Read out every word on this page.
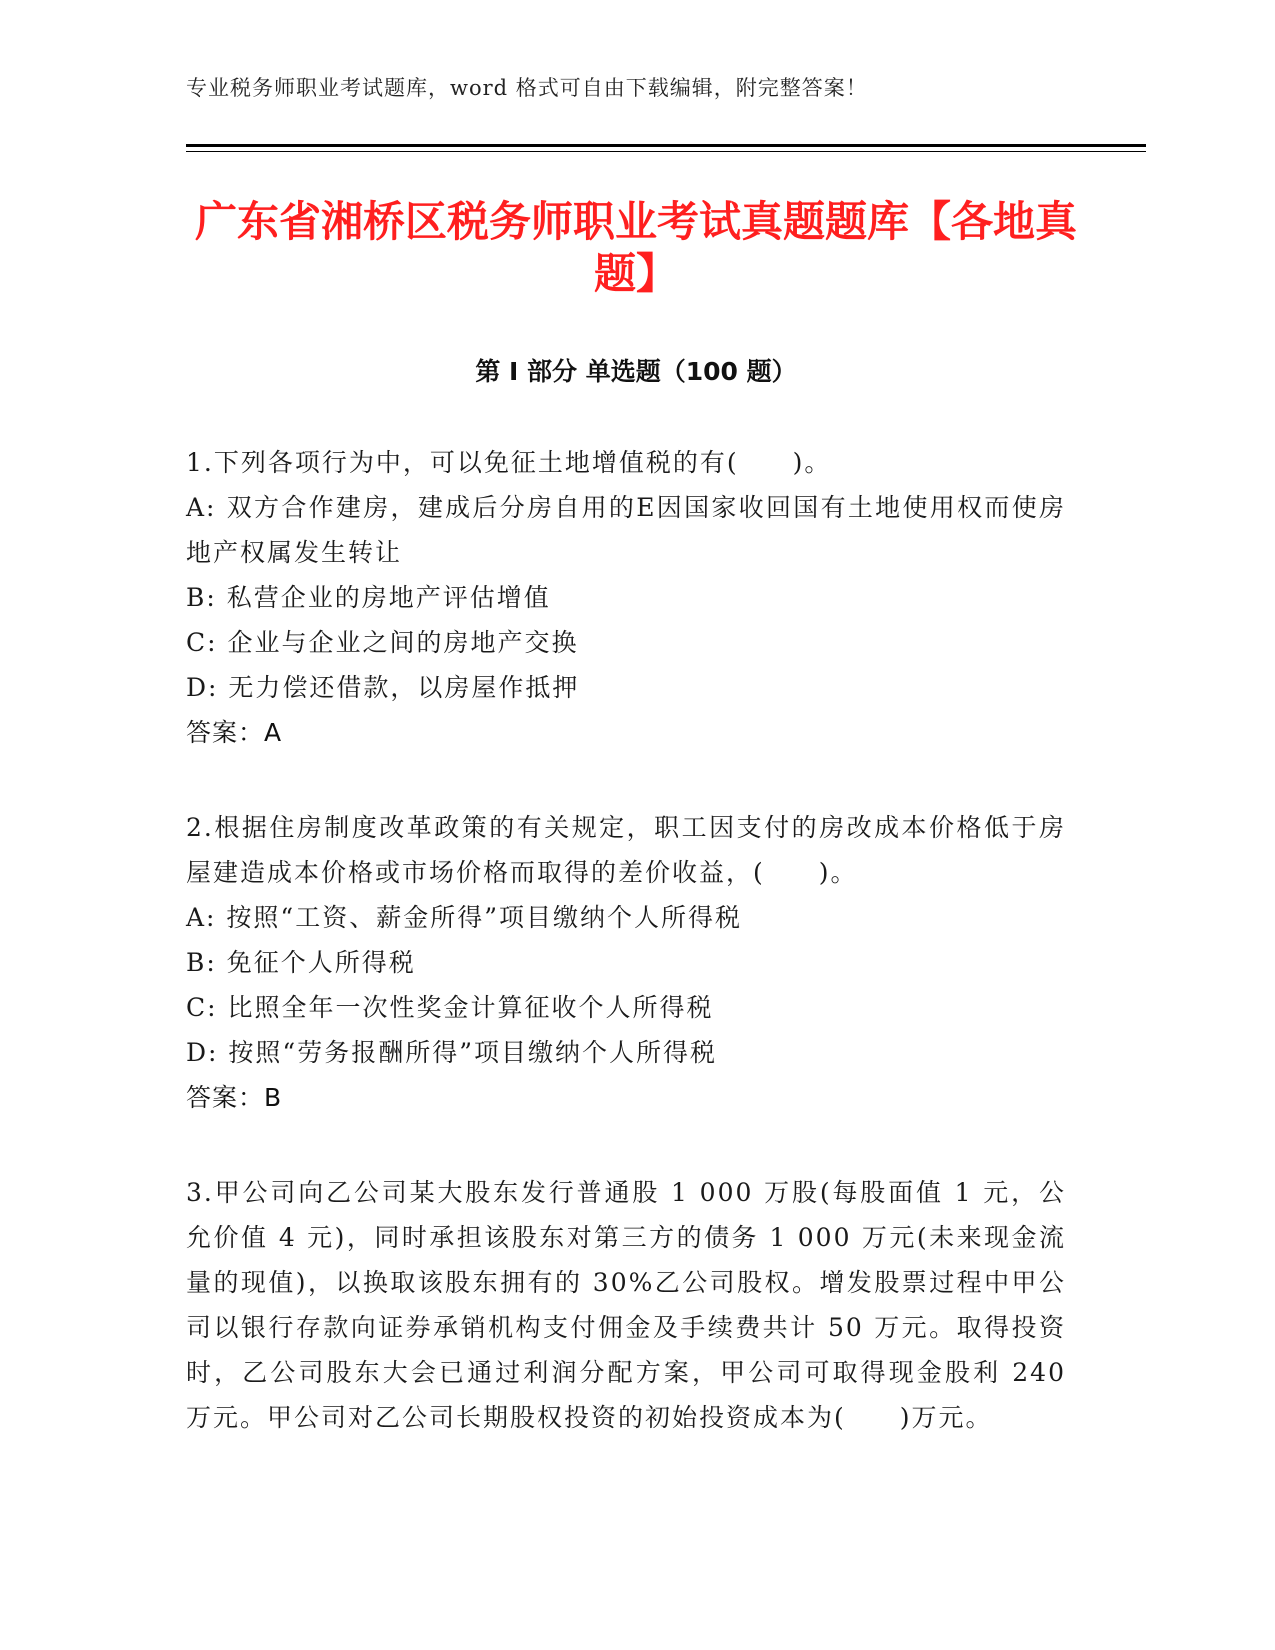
专业税务师职业考试题库，word 格式可自由下载编辑，附完整答案！
广东省湘桥区税务师职业考试真题题库【各地真题】
第 I 部分 单选题（100 题）
1.下列各项行为中，可以免征土地增值税的有(　　)。
A: 双方合作建房，建成后分房自用的E因国家收回国有土地使用权而使房地产权属发生转让
B: 私营企业的房地产评估增值
C: 企业与企业之间的房地产交换
D: 无力偿还借款，以房屋作抵押
答案：A
2.根据住房制度改革政策的有关规定，职工因支付的房改成本价格低于房屋建造成本价格或市场价格而取得的差价收益，(　　)。
A: 按照“工资、薪金所得”项目缴纳个人所得税
B: 免征个人所得税
C: 比照全年一次性奖金计算征收个人所得税
D: 按照“劳务报酬所得”项目缴纳个人所得税
答案：B
3.甲公司向乙公司某大股东发行普通股 1 000 万股(每股面值 1 元，公允价值 4 元)，同时承担该股东对第三方的债务 1 000 万元(未来现金流量的现值)，以换取该股东拥有的 30%乙公司股权。增发股票过程中甲公司以银行存款向证券承销机构支付佣金及手续费共计 50 万元。取得投资时，乙公司股东大会已通过利润分配方案，甲公司可取得现金股利 240 万元。甲公司对乙公司长期股权投资的初始投资成本为(　　)万元。
